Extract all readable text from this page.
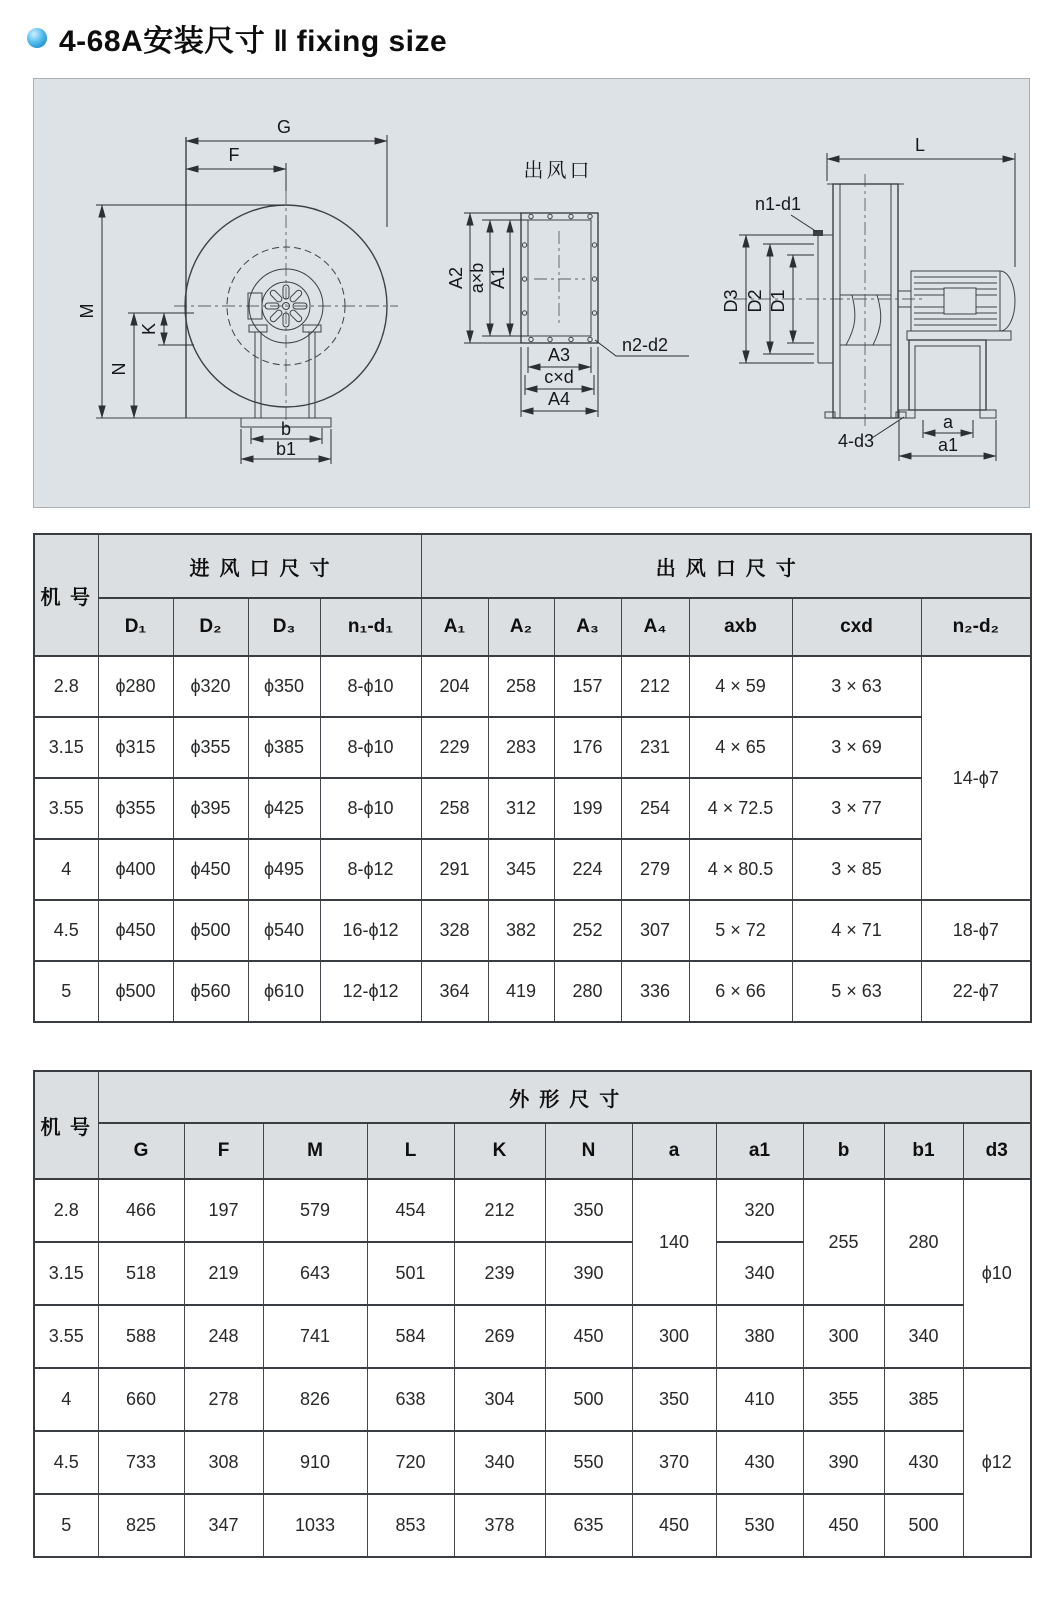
4-68A安装尺寸 ‖ fixing size
G
F
M
N
K
b
b1
出风口
A2 a×b A1
A3
c×d
A4
n2-d2
L
n1-d1
D3 D2 D1
4-d3
a
a1
机 号	进风口尺寸				出风口尺寸						
	D₁	D₂	D₃	n₁-d₁	A₁	A₂	A₃	A₄	axb	cxd	n₂-d₂
2.8	ϕ280	ϕ320	ϕ350	8-ϕ10	204	258	157	212	4 × 59	3 × 63	14-ϕ7
3.15	ϕ315	ϕ355	ϕ385	8-ϕ10	229	283	176	231	4 × 65	3 × 69	
3.55	ϕ355	ϕ395	ϕ425	8-ϕ10	258	312	199	254	4 × 72.5	3 × 77	
4	ϕ400	ϕ450	ϕ495	8-ϕ12	291	345	224	279	4 × 80.5	3 × 85	
4.5	ϕ450	ϕ500	ϕ540	16-ϕ12	328	382	252	307	5 × 72	4 × 71	18-ϕ7
5	ϕ500	ϕ560	ϕ610	12-ϕ12	364	419	280	336	6 × 66	5 × 63	22-ϕ7
机 号	外形尺寸										
	G	F	M	L	K	N	a	a1	b	b1	d3
2.8	466	197	579	454	212	350	140	320	255	280	ϕ10
3.15	518	219	643	501	239	390		340			
3.55	588	248	741	584	269	450	300	380	300	340	
4	660	278	826	638	304	500	350	410	355	385	ϕ12
4.5	733	308	910	720	340	550	370	430	390	430	
5	825	347	1033	853	378	635	450	530	450	500	
